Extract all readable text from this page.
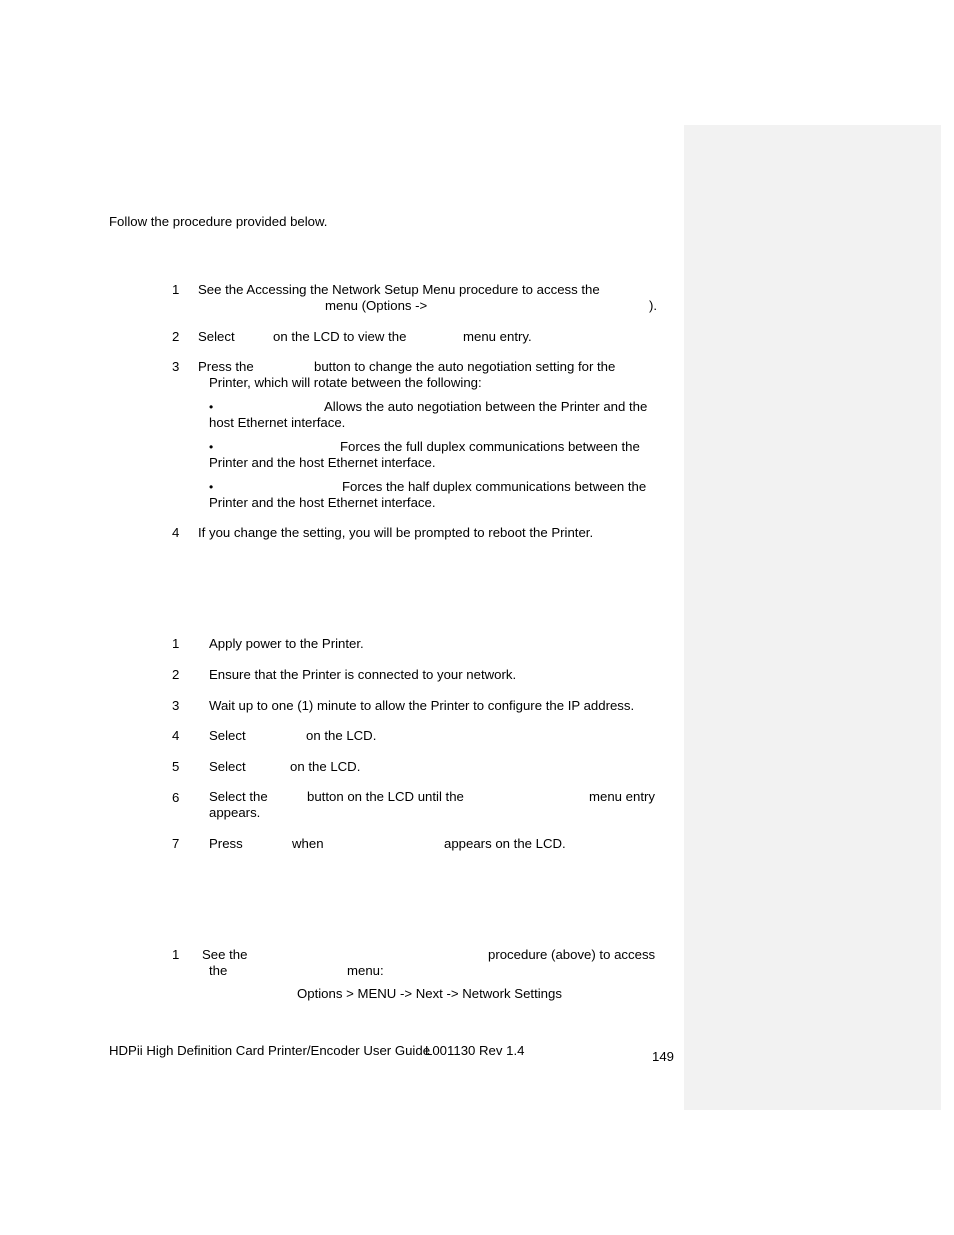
Follow the procedure provided below.
1 See the Accessing the Network Setup Menu procedure to access the
menu (Options ->	).
2 Select	on the LCD to view the	menu entry.
3 Press the	button to change the auto negotiation setting for the
Printer, which will rotate between the following:
•	Allows the auto negotiation between the Printer and the
host Ethernet interface.
•	Forces the full duplex communications between the
Printer and the host Ethernet interface.
•	Forces the half duplex communications between the
Printer and the host Ethernet interface.
4 If you change the setting, you will be prompted to reboot the Printer.
1 Apply power to the Printer.
2 Ensure that the Printer is connected to your network.
3 Wait up to one (1) minute to allow the Printer to configure the IP address.
4 Select	on the LCD.
5 Select	on the LCD.
6 Select the	button on the LCD until the	menu entry
appears.
7 Press	when	appears on the LCD.
1 See the	procedure (above) to access
the	menu:
Options > MENU -> Next -> Network Settings
HDPii High Definition Card Printer/Encoder User Guide
L001130 Rev 1.4	149
